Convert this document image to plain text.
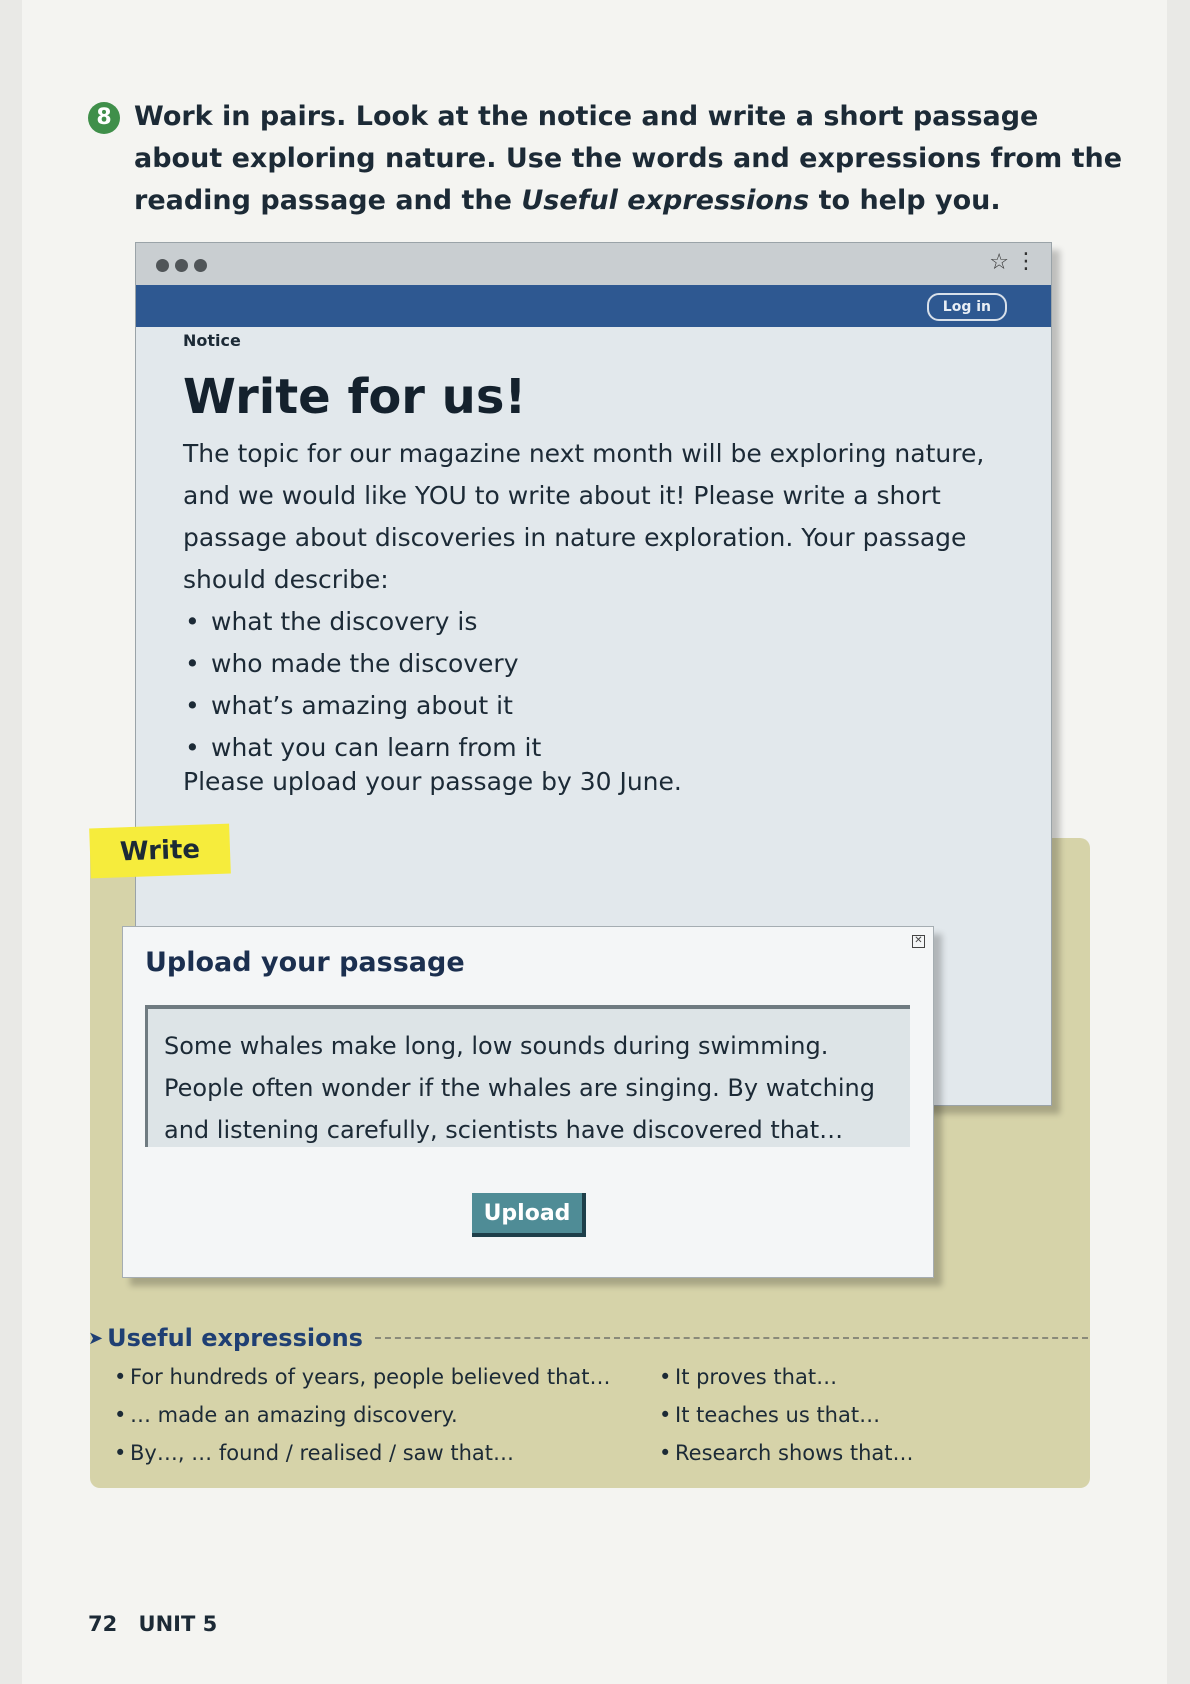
8 Work in pairs. Look at the notice and write a short passage about exploring nature. Use the words and expressions from the reading passage and the Useful expressions to help you.
☆ ⋮
Log in
Notice
Write for us!
The topic for our magazine next month will be exploring nature, and we would like YOU to write about it! Please write a short passage about discoveries in nature exploration. Your passage should describe:
• what the discovery is
• who made the discovery
• what’s amazing about it
• what you can learn from it
Please upload your passage by 30 June.
Write
Upload your passage
✕
Some whales make long, low sounds during swimming. People often wonder if the whales are singing. By watching and listening carefully, scientists have discovered that…
Upload
➤ Useful expressions
• For hundreds of years, people believed that…
• … made an amazing discovery.
• By…, … found / realised / saw that…
• It proves that…
• It teaches us that…
• Research shows that…
72 UNIT 5
